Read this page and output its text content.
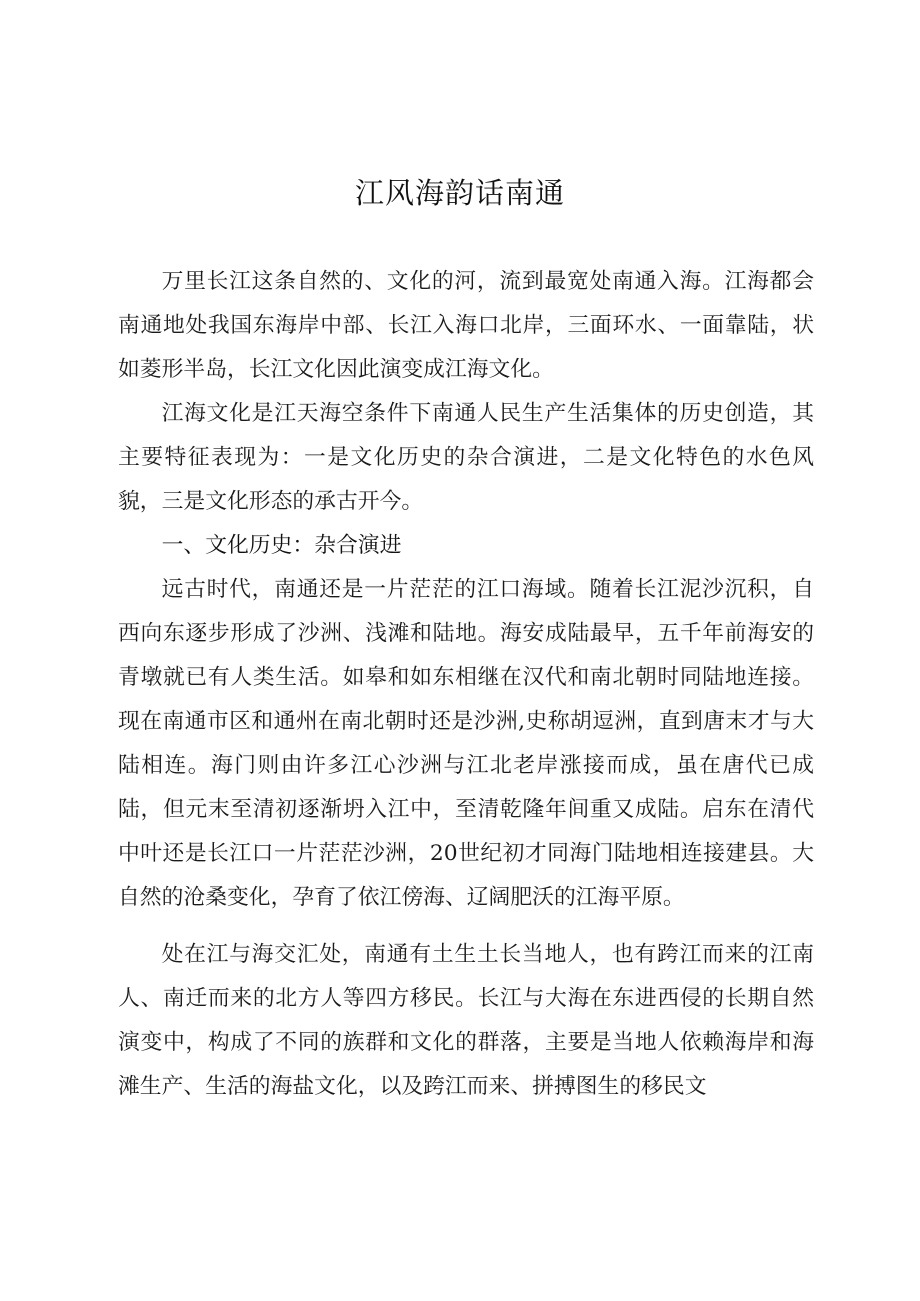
江风海韵话南通

万里长江这条自然的、文化的河，流到最宽处南通入海。江海都会南通地处我国东海岸中部、长江入海口北岸，三面环水、一面靠陆，状如菱形半岛，长江文化因此演变成江海文化。

江海文化是江天海空条件下南通人民生产生活集体的历史创造，其主要特征表现为：一是文化历史的杂合演进，二是文化特色的水色风貌，三是文化形态的承古开今。

一、文化历史：杂合演进

远古时代，南通还是一片茫茫的江口海域。随着长江泥沙沉积，自西向东逐步形成了沙洲、浅滩和陆地。海安成陆最早，五千年前海安的青墩就已有人类生活。如皋和如东相继在汉代和南北朝时同陆地连接。现在南通市区和通州在南北朝时还是沙洲,史称胡逗洲，直到唐末才与大陆相连。海门则由许多江心沙洲与江北老岸涨接而成，虽在唐代已成陆，但元末至清初逐渐坍入江中，至清乾隆年间重又成陆。启东在清代中叶还是长江口一片茫茫沙洲，20世纪初才同海门陆地相连接建县。大自然的沧桑变化，孕育了依江傍海、辽阔肥沃的江海平原。

处在江与海交汇处，南通有土生土长当地人，也有跨江而来的江南人、南迁而来的北方人等四方移民。长江与大海在东进西侵的长期自然演变中，构成了不同的族群和文化的群落，主要是当地人依赖海岸和海滩生产、生活的海盐文化，以及跨江而来、拼搏图生的移民文
